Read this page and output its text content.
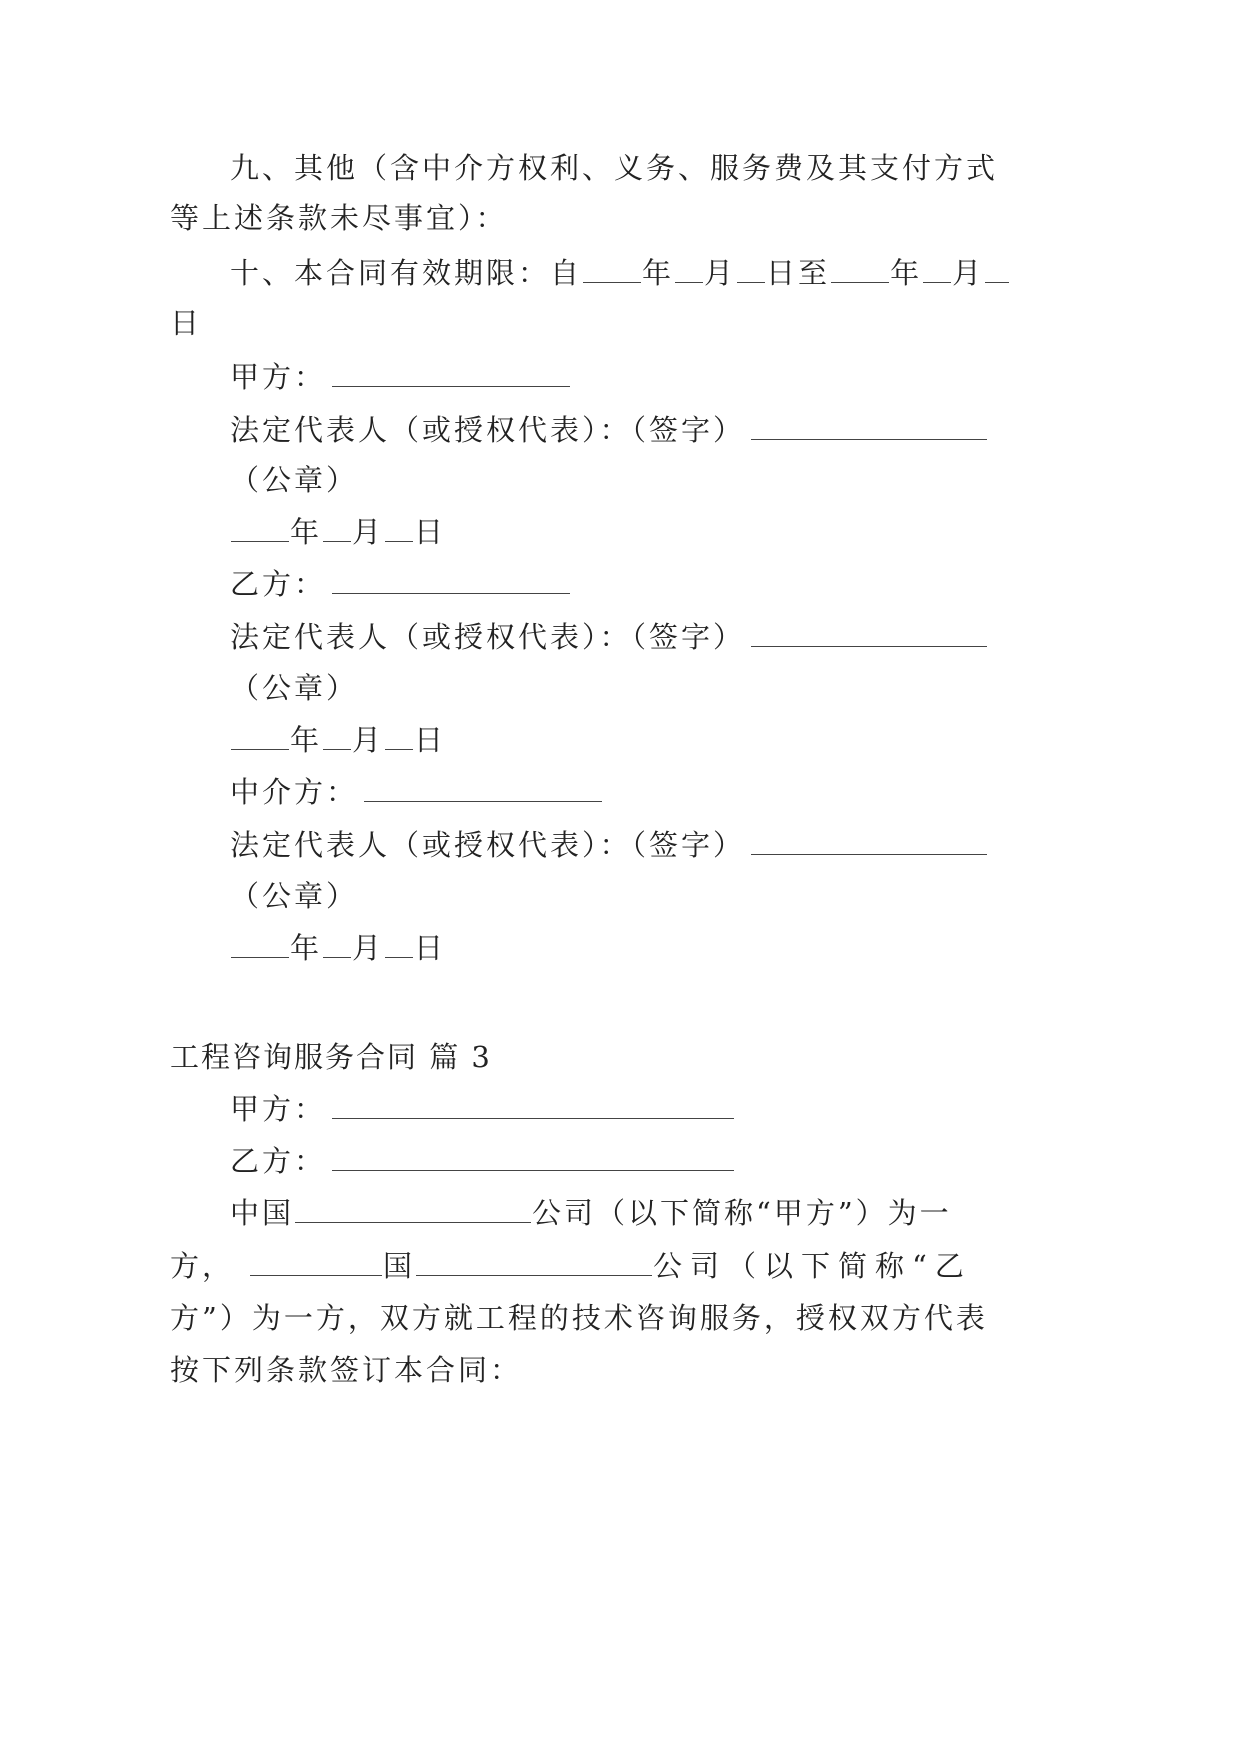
九、其他（含中介方权利、义务、服务费及其支付方式
等上述条款未尽事宜）：
十、本合同有效期限：自 年 月 日至 年 月
日
甲方：
法定代表人（或授权代表）：（签字）
（公章）
年 月 日
乙方：
法定代表人（或授权代表）：（签字）
（公章）
年 月 日
中介方：
法定代表人（或授权代表）：（签字）
（公章）
年 月 日
工程咨询服务合同 篇 3
甲方：
乙方：
中国	公司（以下简称“甲方”）为一
方，	国	公司（以下简称“乙
方”）为一方，双方就工程的技术咨询服务，授权双方代表
按下列条款签订本合同：
